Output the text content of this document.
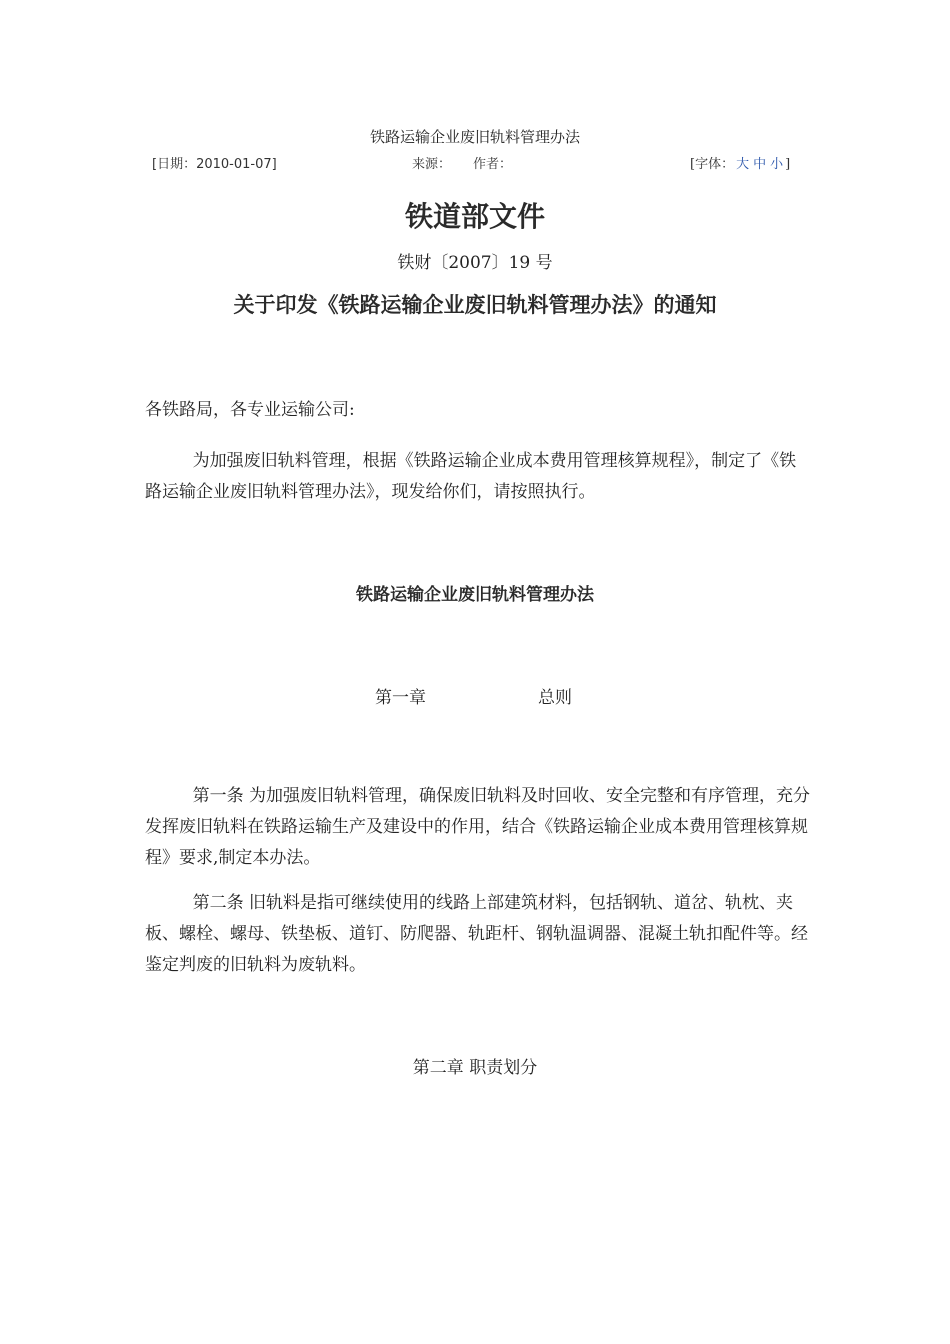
铁路运输企业废旧轨料管理办法
[日期：2010-01-07]	来源： 作者：	[字体： 大 中 小 ]
铁道部文件
铁财〔2007〕19 号
关于印发《铁路运输企业废旧轨料管理办法》的通知
各铁路局，各专业运输公司:
为加强废旧轨料管理，根据《铁路运输企业成本费用管理核算规程》，制定了《铁路运输企业废旧轨料管理办法》，现发给你们，请按照执行。
铁路运输企业废旧轨料管理办法
第一章	总则
第一条 为加强废旧轨料管理，确保废旧轨料及时回收、安全完整和有序管理，充分发挥废旧轨料在铁路运输生产及建设中的作用，结合《铁路运输企业成本费用管理核算规程》要求,制定本办法。
第二条 旧轨料是指可继续使用的线路上部建筑材料，包括钢轨、道岔、轨枕、夹板、螺栓、螺母、铁垫板、道钉、防爬器、轨距杆、钢轨温调器、混凝土轨扣配件等。经鉴定判废的旧轨料为废轨料。
第二章 职责划分
